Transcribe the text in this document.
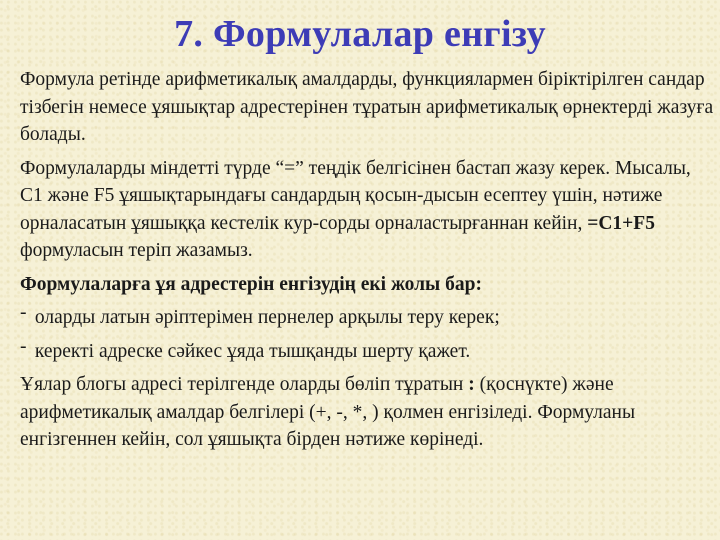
7. Формулалар енгізу

Формула ретінде арифметикалық амалдарды, функциялармен біріктірілген сандар тізбегін немесе ұяшықтар адрестерінен тұратын арифметикалық өрнектерді жазуға болады.

Формулаларды міндетті түрде “=” теңдік белгісінен бастап жазу керек. Мысалы, C1 және F5 ұяшықтарындағы сандардың қосын-дысын есептеу үшін, нәтиже орналасатын ұяшыққа кестелік кур-сорды орналастырғаннан кейін, =C1+F5 формуласын теріп жазамыз.

Формулаларға ұя адрестерін енгізудің екі жолы бар:

- оларды латын әріптерімен пернелер арқылы теру керек;

- керекті адреске сәйкес ұяда тышқанды шерту қажет.

Ұялар блогы адресі терілгенде оларды бөліп тұратын : (қоснүкте) және арифметикалық амалдар белгілері (+, -, *, ) қолмен енгізіледі. Формуланы енгізгеннен кейін, сол ұяшықта бірден нәтиже көрінеді.
